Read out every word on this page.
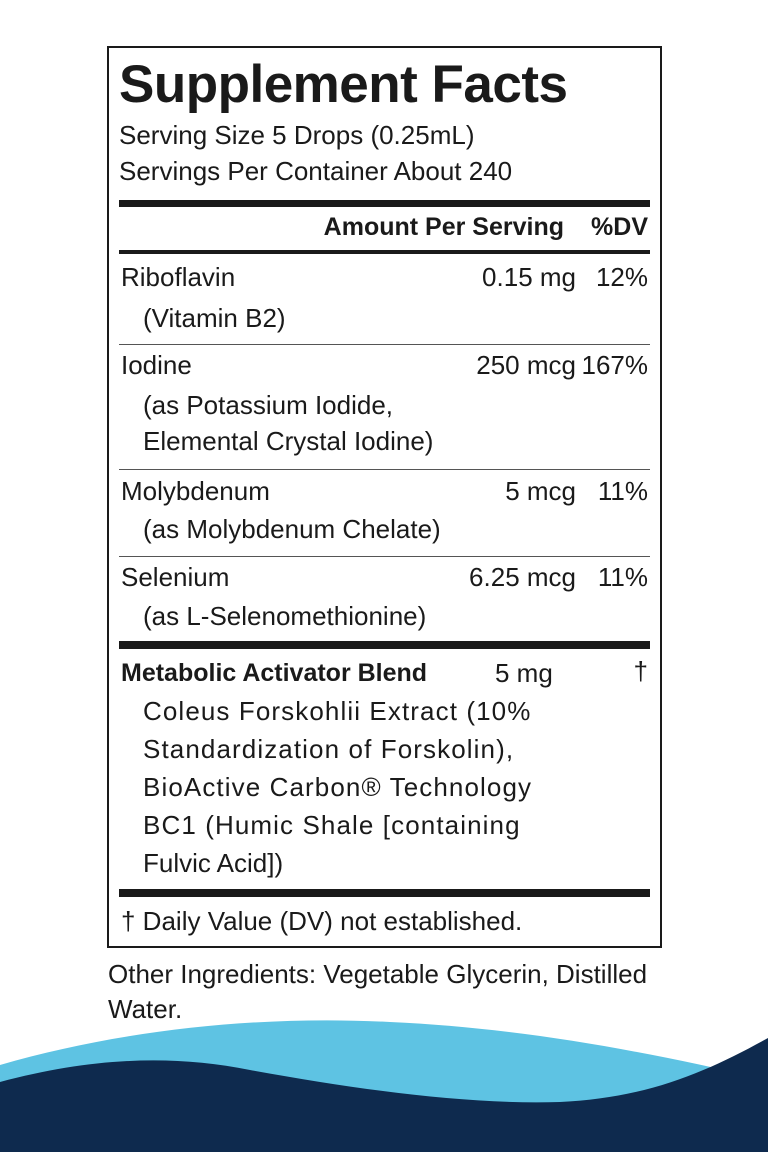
Supplement Facts
Serving Size 5 Drops (0.25mL)
Servings Per Container About 240
Amount Per Serving %DV
Riboflavin	0.15 mg 12%
(Vitamin B2)
Iodine	250 mcg 167%
(as Potassium Iodide,
Elemental Crystal Iodine)
Molybdenum	5 mcg 11%
(as Molybdenum Chelate)
Selenium	6.25 mcg 11%
(as L-Selenomethionine)
Metabolic Activator Blend	5 mg	†
Coleus Forskohlii Extract (10%
Standardization of Forskolin),
BioActive Carbon® Technology
BC1 (Humic Shale [containing
Fulvic Acid])
† Daily Value (DV) not established.
Other Ingredients: Vegetable Glycerin, Distilled Water.
